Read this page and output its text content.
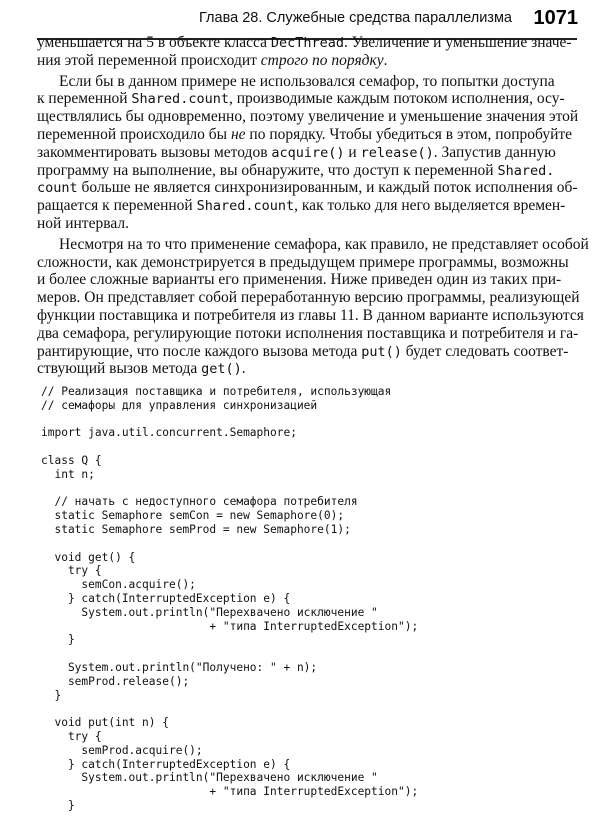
Глава 28. Служебные средства параллелизма 1071
уменьшается на 5 в объекте класса DecThread. Увеличение и уменьшение значе-
ния этой переменной происходит строго по порядку.
Если бы в данном примере не использовался семафор, то попытки доступа
к переменной Shared.count, производимые каждым потоком исполнения, осу-
ществлялись бы одновременно, поэтому увеличение и уменьшение значения этой
переменной происходило бы не по порядку. Чтобы убедиться в этом, попробуйте
закомментировать вызовы методов acquire() и release(). Запустив данную
программу на выполнение, вы обнаружите, что доступ к переменной Shared.
count больше не является синхронизированным, и каждый поток исполнения об-
ращается к переменной Shared.count, как только для него выделяется времен-
ной интервал.
Несмотря на то что применение семафора, как правило, не представляет особой
сложности, как демонстрируется в предыдущем примере программы, возможны
и более сложные варианты его применения. Ниже приведен один из таких при-
меров. Он представляет собой переработанную версию программы, реализующей
функции поставщика и потребителя из главы 11. В данном варианте используются
два семафора, регулирующие потоки исполнения поставщика и потребителя и га-
рантирующие, что после каждого вызова метода put() будет следовать соответ-
ствующий вызов метода get().
// Реализация поставщика и потребителя, использующая
// семафоры для управления синхронизацией
import java.util.concurrent.Semaphore;
class Q {
int n;
// начать с недоступного семафора потребителя
static Semaphore semCon = new Semaphore(0);
static Semaphore semProd = new Semaphore(1);
void get() {
try {
semCon.acquire();
} catch(InterruptedException e) {
System.out.println("Перехвачено исключение "
+ "типа InterruptedException");
}
System.out.println("Получено: " + n);
semProd.release();
}
void put(int n) {
try {
semProd.acquire();
} catch(InterruptedException e) {
System.out.println("Перехвачено исключение "
+ "типа InterruptedException");
}
